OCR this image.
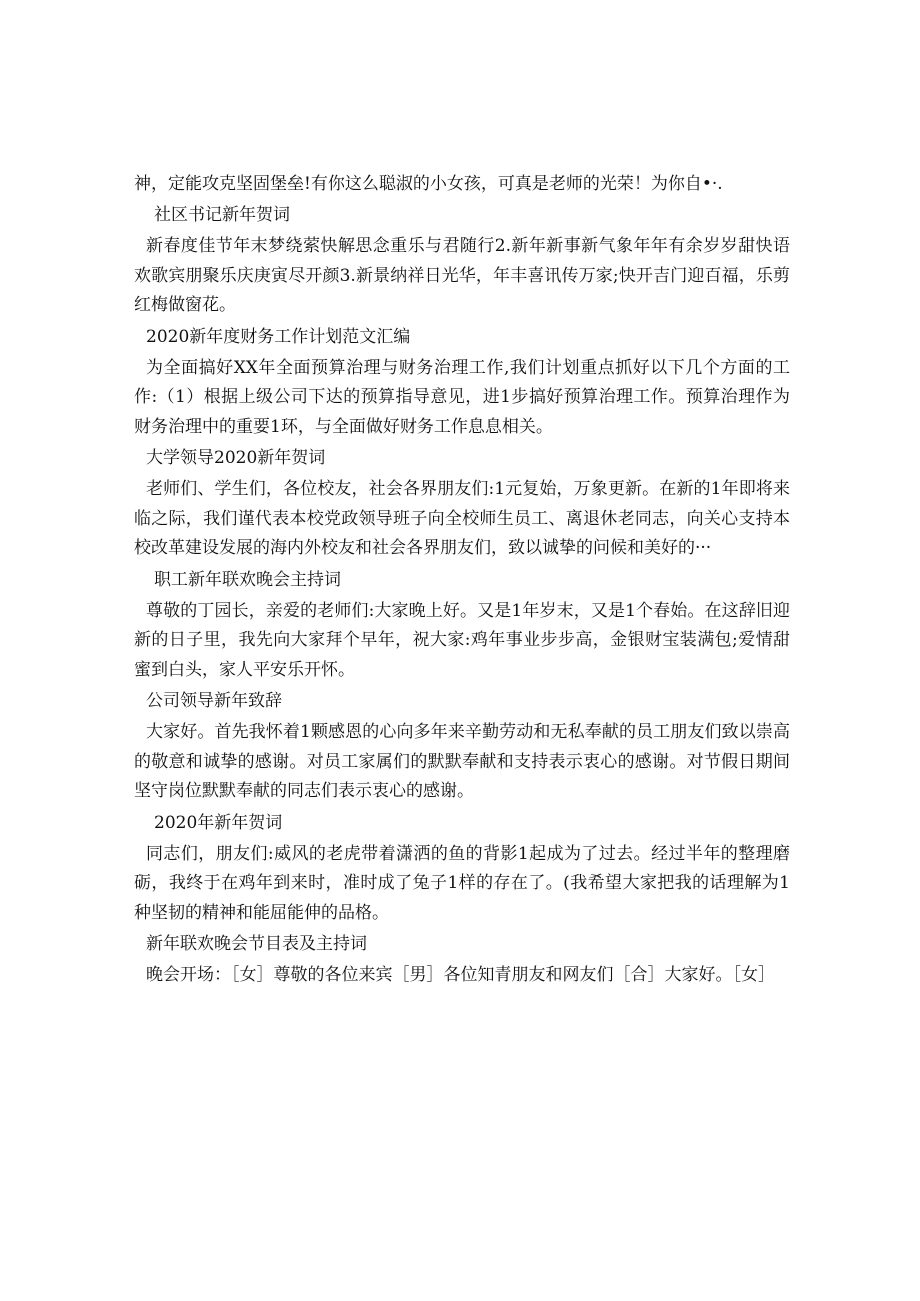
神，定能攻克坚固堡垒!有你这么聪淑的小女孩，可真是老师的光荣！为你自•·.
社区书记新年贺词

新春度佳节年末梦绕萦快解思念重乐与君随行2.新年新事新气象年年有余岁岁甜快语欢歌宾朋聚乐庆庚寅尽开颜3.新景纳祥日光华，年丰喜讯传万家;快开吉门迎百福，乐剪红梅做窗花。

2020新年度财务工作计划范文汇编

为全面搞好XX年全面预算治理与财务治理工作,我们计划重点抓好以下几个方面的工作:（1）根据上级公司下达的预算指导意见，进1步搞好预算治理工作。预算治理作为财务治理中的重要1环，与全面做好财务工作息息相关。

大学领导2020新年贺词

老师们、学生们，各位校友，社会各界朋友们:1元复始，万象更新。在新的1年即将来临之际，我们谨代表本校党政领导班子向全校师生员工、离退休老同志，向关心支持本校改革建设发展的海内外校友和社会各界朋友们，致以诚挚的问候和美好的···

职工新年联欢晚会主持词

尊敬的丁园长，亲爱的老师们:大家晚上好。又是1年岁末，又是1个春始。在这辞旧迎新的日子里，我先向大家拜个早年，祝大家:鸡年事业步步高，金银财宝装满包;爱情甜蜜到白头，家人平安乐开怀。

公司领导新年致辞

大家好。首先我怀着1颗感恩的心向多年来辛勤劳动和无私奉献的员工朋友们致以崇高的敬意和诚挚的感谢。对员工家属们的默默奉献和支持表示衷心的感谢。对节假日期间坚守岗位默默奉献的同志们表示衷心的感谢。

2020年新年贺词

同志们，朋友们:威风的老虎带着潇洒的鱼的背影1起成为了过去。经过半年的整理磨砺，我终于在鸡年到来时，准时成了兔子1样的存在了。(我希望大家把我的话理解为1种坚韧的精神和能屈能伸的品格。

新年联欢晚会节目表及主持词

晚会开场：［女］尊敬的各位来宾［男］各位知青朋友和网友们［合］大家好。［女］
